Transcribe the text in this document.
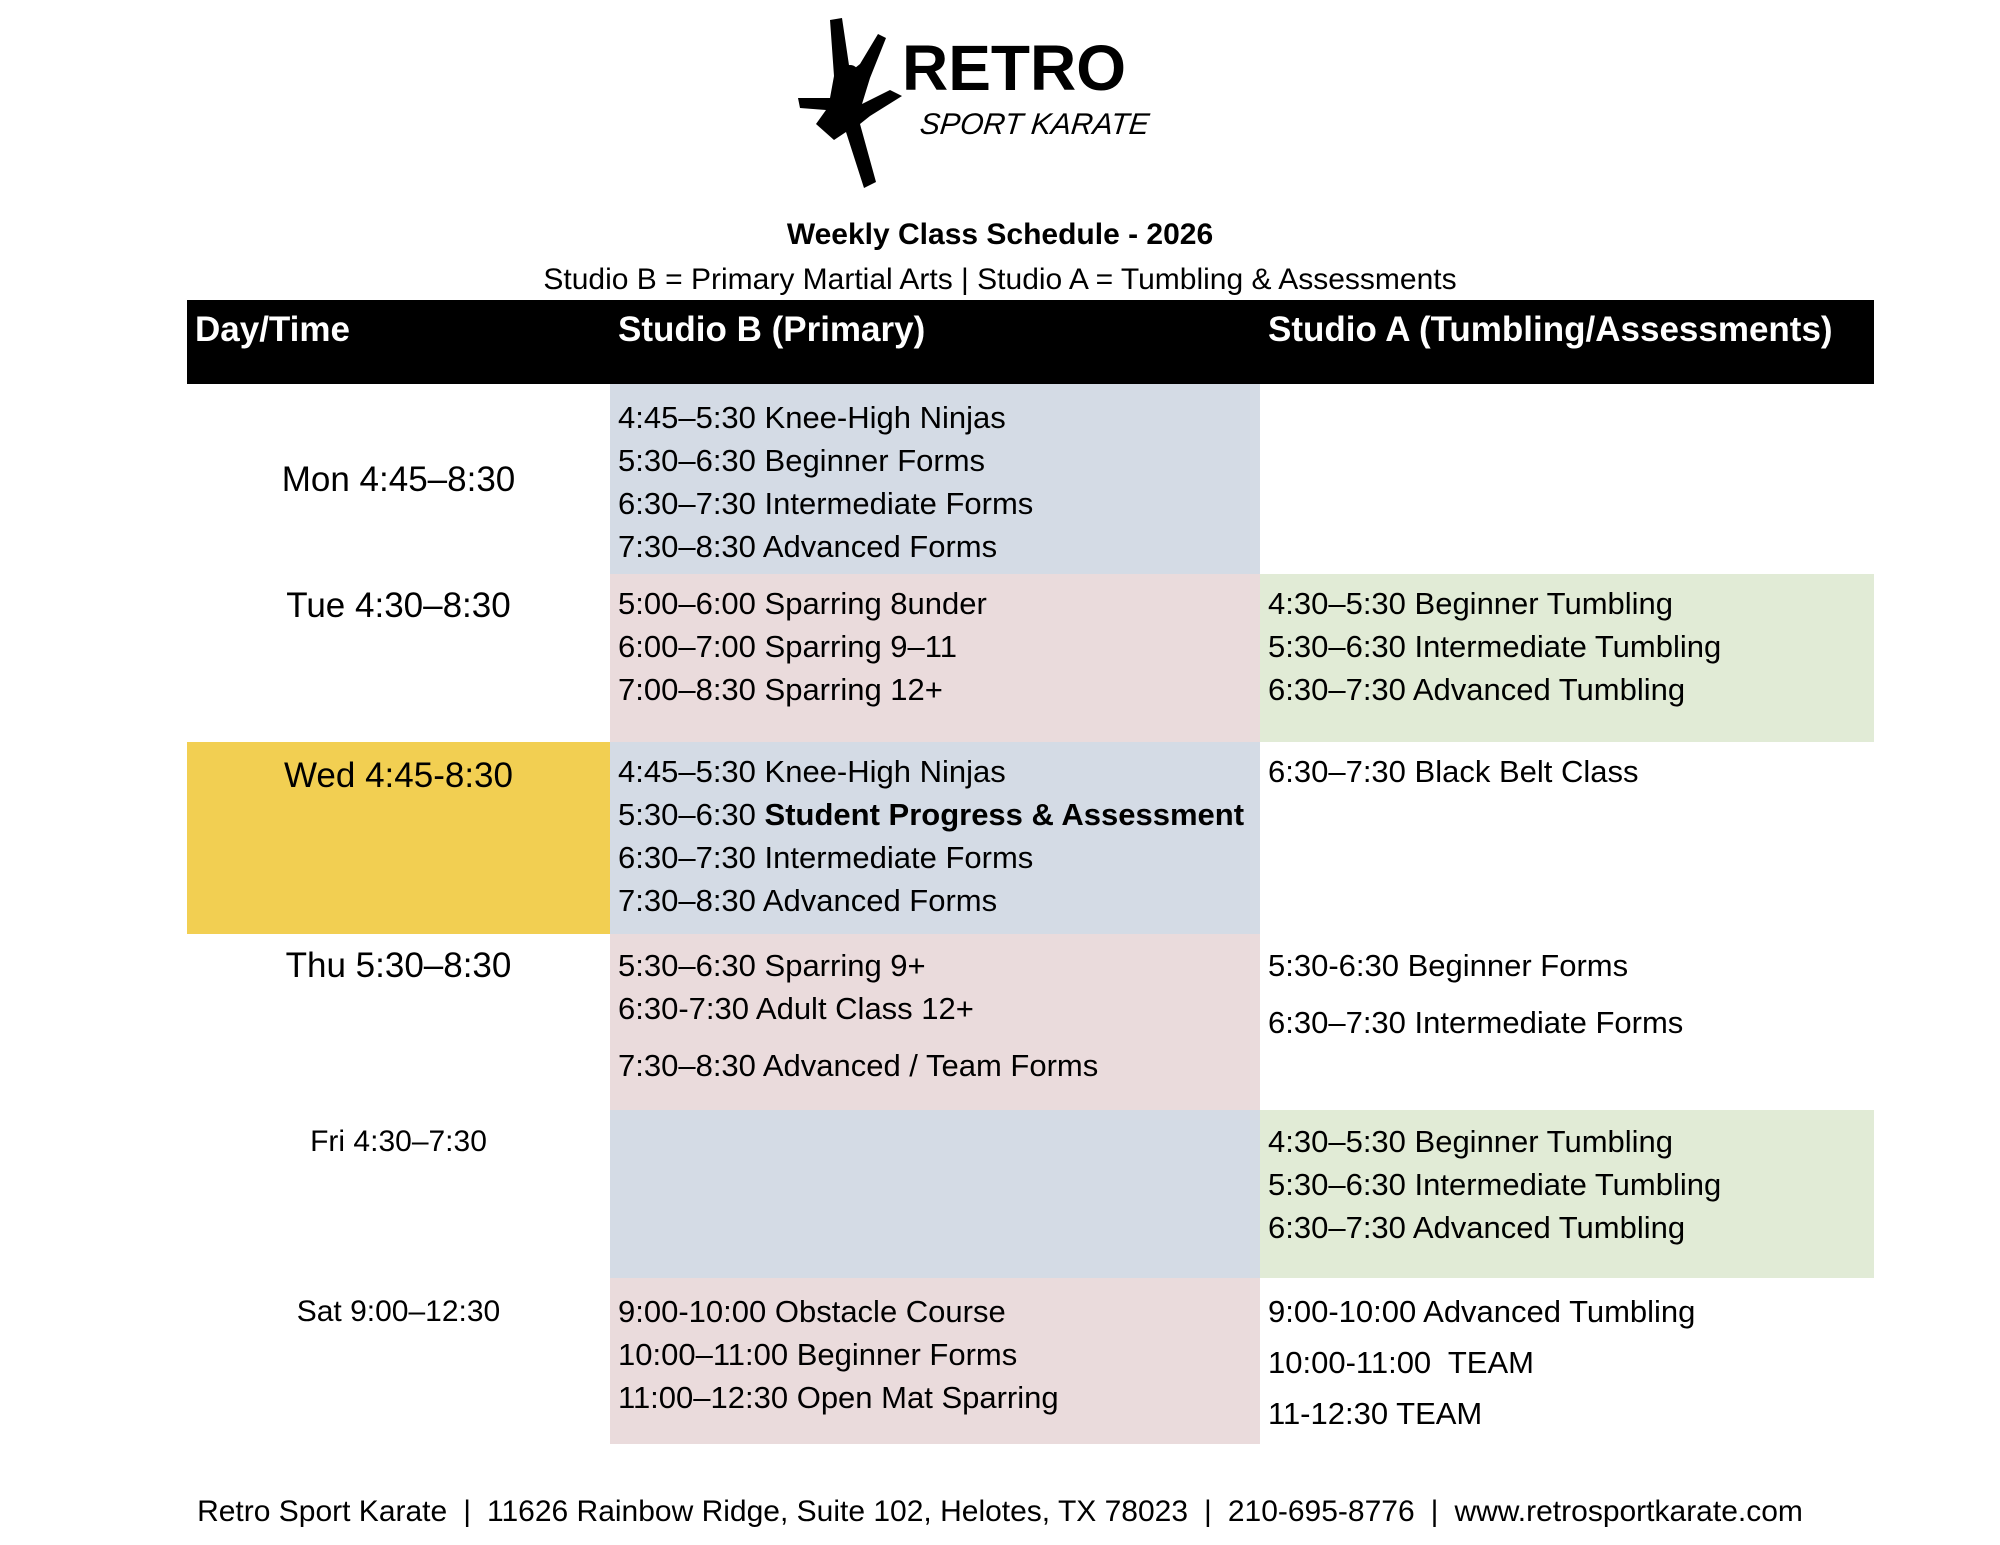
RETRO
SPORT KARATE
Weekly Class Schedule - 2026
Studio B = Primary Martial Arts | Studio A = Tumbling & Assessments
Day/Time	Studio B (Primary)	Studio A (Tumbling/Assessments)
Mon 4:45–8:30	4:45–5:30 Knee-High Ninjas
5:30–6:30 Beginner Forms
6:30–7:30 Intermediate Forms
7:30–8:30 Advanced Forms	

Tue 4:30–8:30	5:00–6:00 Sparring 8under
6:00–7:00 Sparring 9–11
7:00–8:30 Sparring 12+	4:30–5:30 Beginner Tumbling
5:30–6:30 Intermediate Tumbling
6:30–7:30 Advanced Tumbling

Wed 4:45-8:30	4:45–5:30 Knee-High Ninjas
5:30–6:30 Student Progress & Assessment
6:30–7:30 Intermediate Forms
7:30–8:30 Advanced Forms	6:30–7:30 Black Belt Class

Thu 5:30–8:30	5:30–6:30 Sparring 9+
6:30-7:30 Adult Class 12+
7:30–8:30 Advanced / Team Forms	5:30-6:30 Beginner Forms
6:30–7:30 Intermediate Forms

Fri 4:30–7:30		4:30–5:30 Beginner Tumbling
5:30–6:30 Intermediate Tumbling
6:30–7:30 Advanced Tumbling

Sat 9:00–12:30	9:00-10:00 Obstacle Course
10:00–11:00 Beginner Forms
11:00–12:30 Open Mat Sparring	9:00-10:00 Advanced Tumbling
10:00-11:00  TEAM
11-12:30 TEAM
Retro Sport Karate | 11626 Rainbow Ridge, Suite 102, Helotes, TX 78023 | 210-695-8776 | www.retrosportkarate.com
